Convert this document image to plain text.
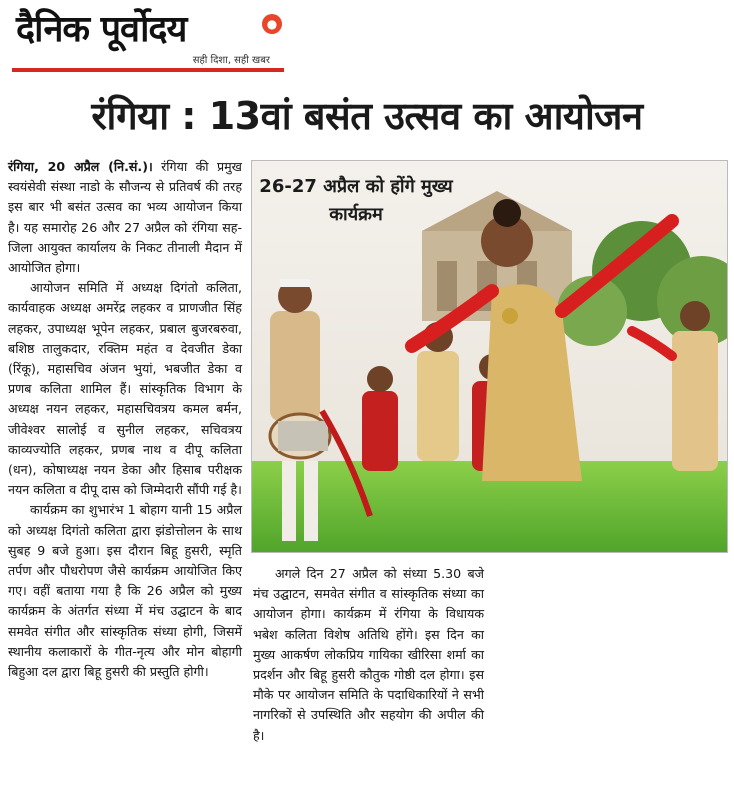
दैनिक पूर्वोदय	●
सही दिशा, सही खबर
रंगिया : 13वां बसंत उत्सव का आयोजन

रंगिया, 20 अप्रैल (नि.सं.)। रंगिया की प्रमुख स्वयंसेवी संस्था नाडो के सौजन्य से प्रतिवर्ष की तरह इस बार भी बसंत उत्सव का भव्य आयोजन किया है। यह समारोह 26 और 27 अप्रैल को रंगिया सह-जिला आयुक्त कार्यालय के निकट तीनाली मैदान में आयोजित होगा।

आयोजन समिति में अध्यक्ष दिगंतो कलिता, कार्यवाहक अध्यक्ष अमरेंद्र लहकर व प्राणजीत सिंह लहकर, उपाध्यक्ष भूपेन लहकर, प्रबाल बुजरबरुवा, बशिष्ठ तालुकदार, रक्तिम महंत व देवजीत डेका (रिंकू), महासचिव अंजन भुयां, भबजीत डेका व प्रणब कलिता शामिल हैं। सांस्कृतिक विभाग के अध्यक्ष नयन लहकर, महासचिवत्रय कमल बर्मन, जीवेश्वर सालोई व सुनील लहकर, सचिवत्रय काव्यज्योति लहकर, प्रणब नाथ व दीपू कलिता (धन), कोषाध्यक्ष नयन डेका और हिसाब परीक्षक नयन कलिता व दीपू दास को जिम्मेदारी सौंपी गई है।

कार्यक्रम का शुभारंभ 1 बोहाग यानी 15 अप्रैल को अध्यक्ष दिगंतो कलिता द्वारा झंडोत्तोलन के साथ सुबह 9 बजे हुआ। इस दौरान बिहू हुसरी, स्मृति तर्पण और पौधरोपण जैसे कार्यक्रम आयोजित किए गए। वहीं बताया गया है कि 26 अप्रैल को मुख्य कार्यक्रम के अंतर्गत संध्या में मंच उद्घाटन के बाद समवेत संगीत और सांस्कृतिक संध्या होगी, जिसमें स्थानीय कलाकारों के गीत-नृत्य और मोन बोहागी बिहुआ दल द्वारा बिहू हुसरी की प्रस्तुति होगी।

अगले दिन 27 अप्रैल को संध्या 5.30 बजे मंच उद्घाटन, समवेत संगीत व सांस्कृतिक संध्या का आयोजन होगा। कार्यक्रम में रंगिया के विधायक भबेश कलिता विशेष अतिथि होंगे। इस दिन का मुख्य आकर्षण लोकप्रिय गायिका खीरिसा शर्मा का प्रदर्शन और बिहू हुसरी कौतुक गोष्ठी दल होगा। इस मौके पर आयोजन समिति के पदाधिकारियों ने सभी नागरिकों से उपस्थिति और सहयोग की अपील की है।

26-27 अप्रैल को होंगे मुख्य कार्यक्रम
